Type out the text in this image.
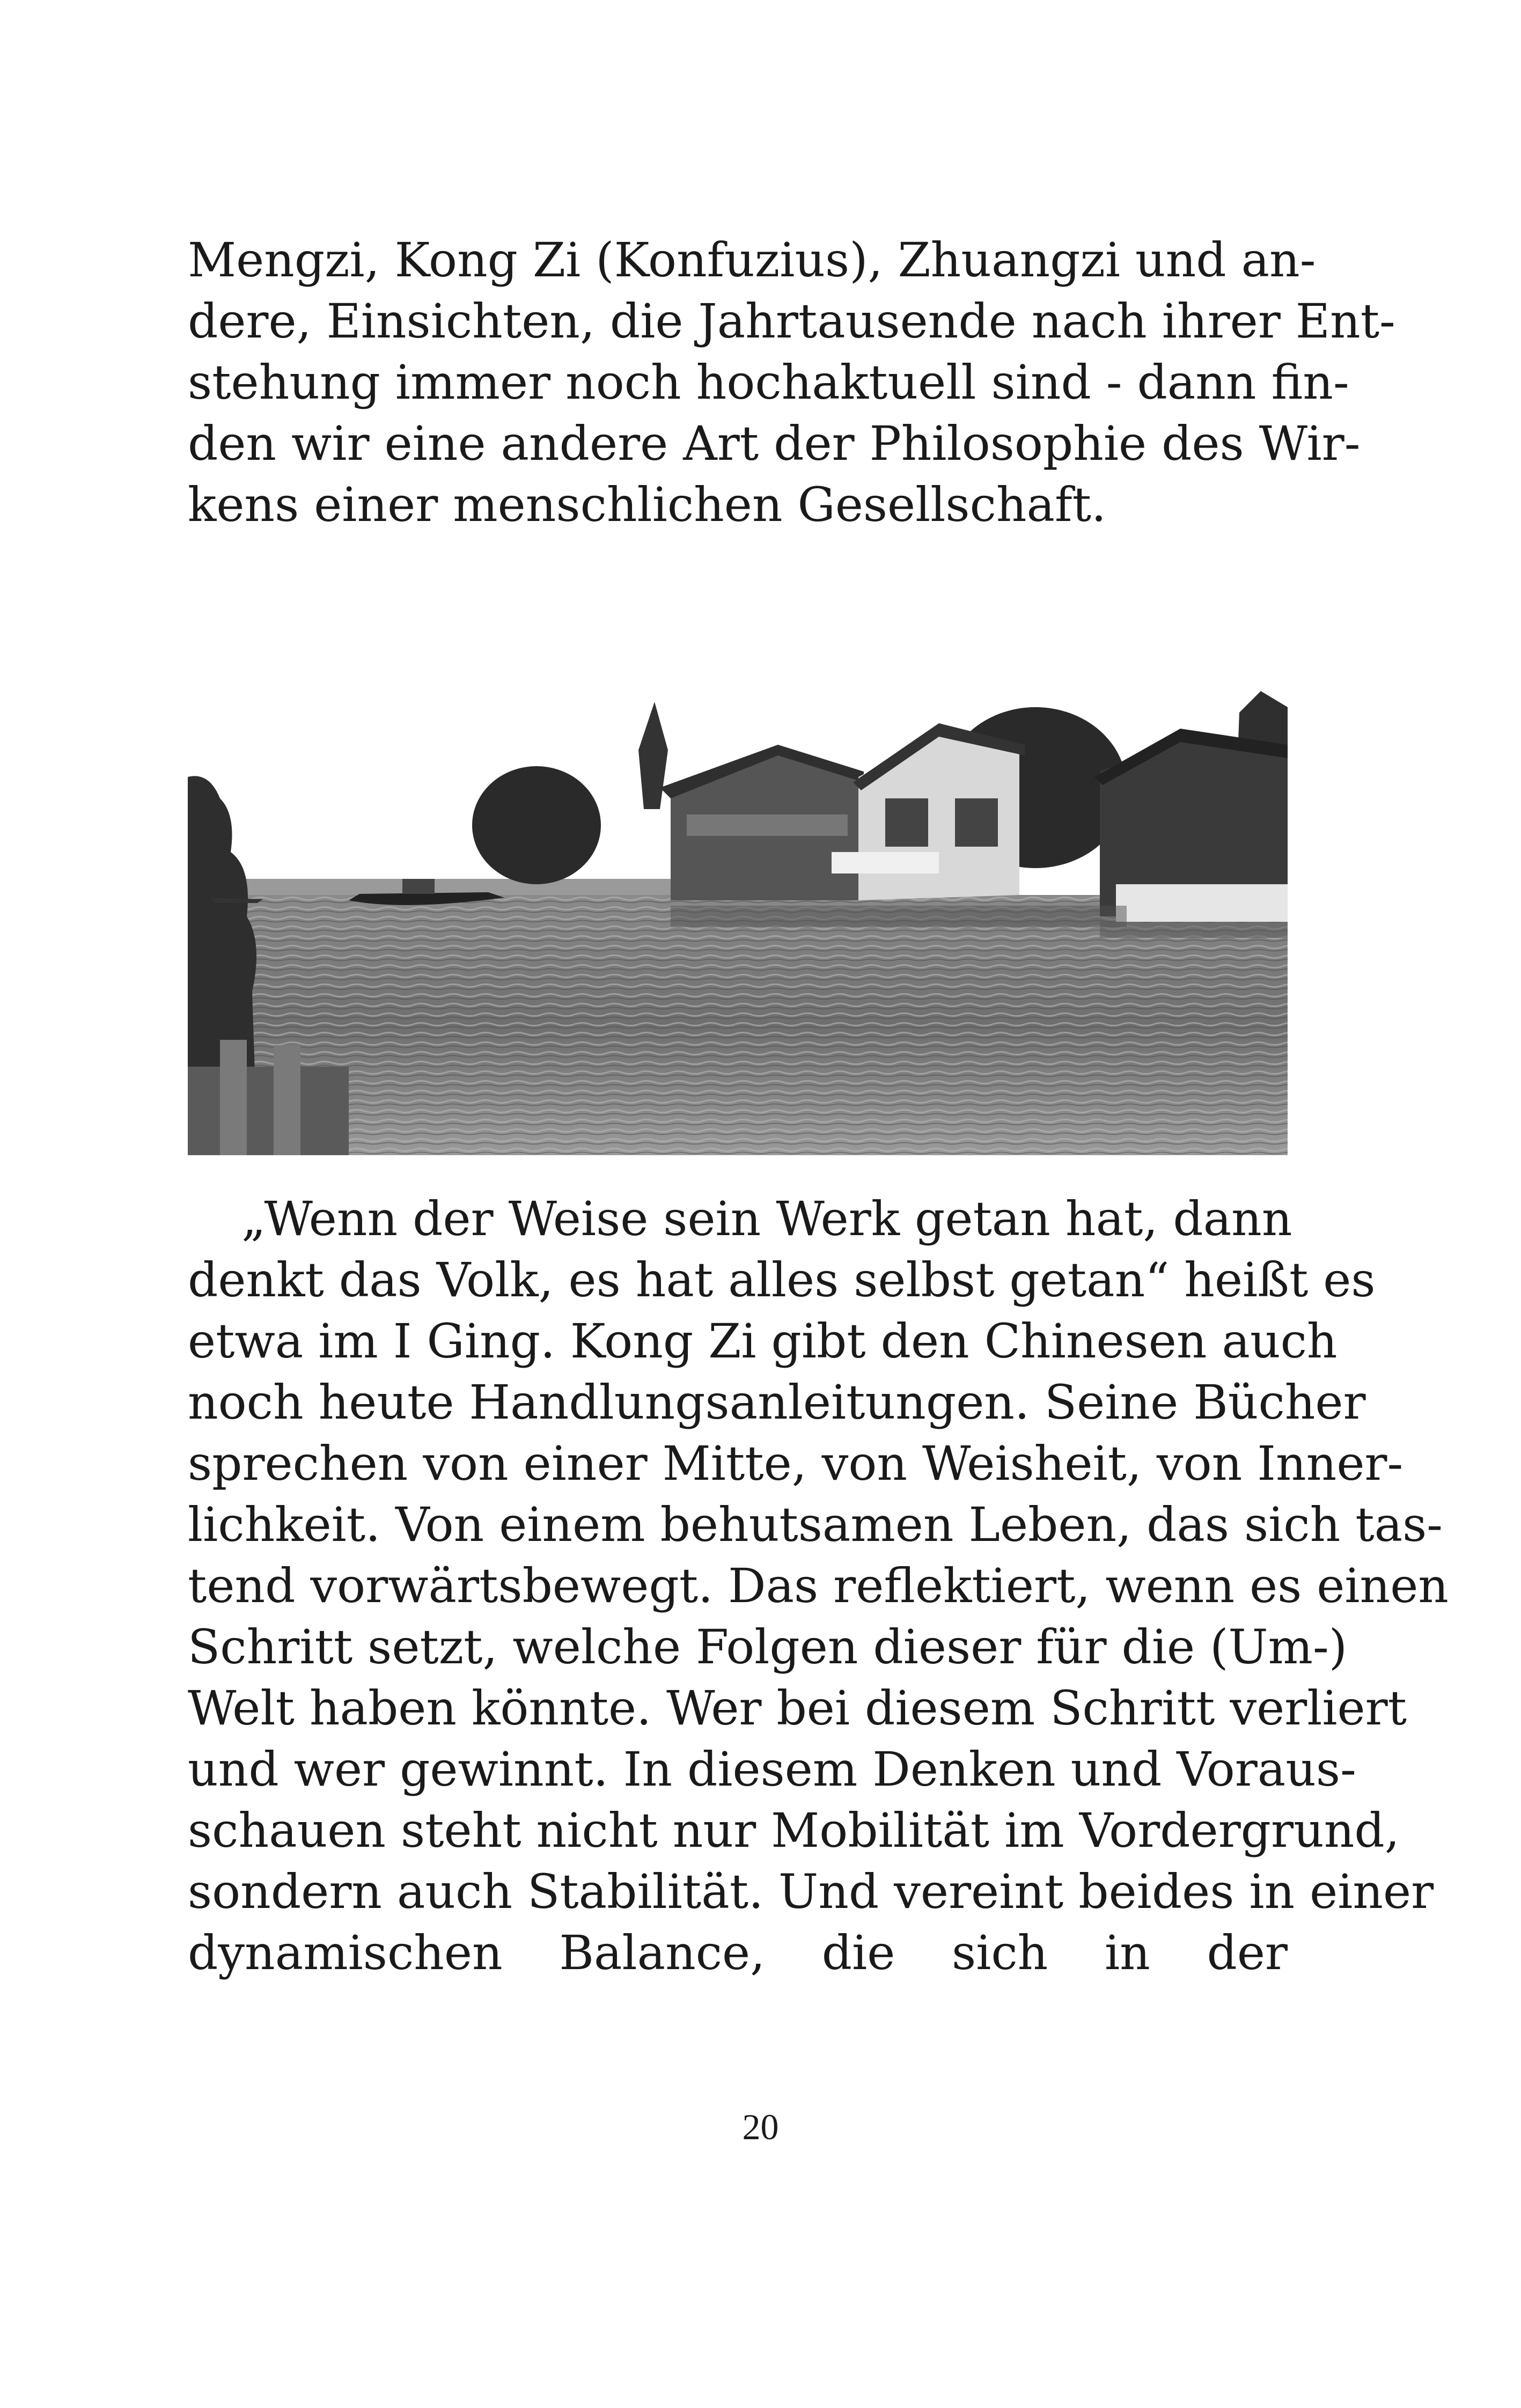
Mengzi, Kong Zi (Konfuzius), Zhuangzi und an-
dere, Einsichten, die Jahrtausende nach ihrer Ent-
stehung immer noch hochaktuell sind - dann fin-
den wir eine andere Art der Philosophie des Wir-
kens einer menschlichen Gesellschaft.
„Wenn der Weise sein Werk getan hat, dann
denkt das Volk, es hat alles selbst getan“ heißt es
etwa im I Ging. Kong Zi gibt den Chinesen auch
noch heute Handlungsanleitungen. Seine Bücher
sprechen von einer Mitte, von Weisheit, von Inner-
lichkeit. Von einem behutsamen Leben, das sich tas-
tend vorwärtsbewegt. Das reflektiert, wenn es einen
Schritt setzt, welche Folgen dieser für die (Um-)
Welt haben könnte. Wer bei diesem Schritt verliert
und wer gewinnt. In diesem Denken und Voraus-
schauen steht nicht nur Mobilität im Vordergrund,
sondern auch Stabilität. Und vereint beides in einer
dynamischen Balance, die sich in der
20
